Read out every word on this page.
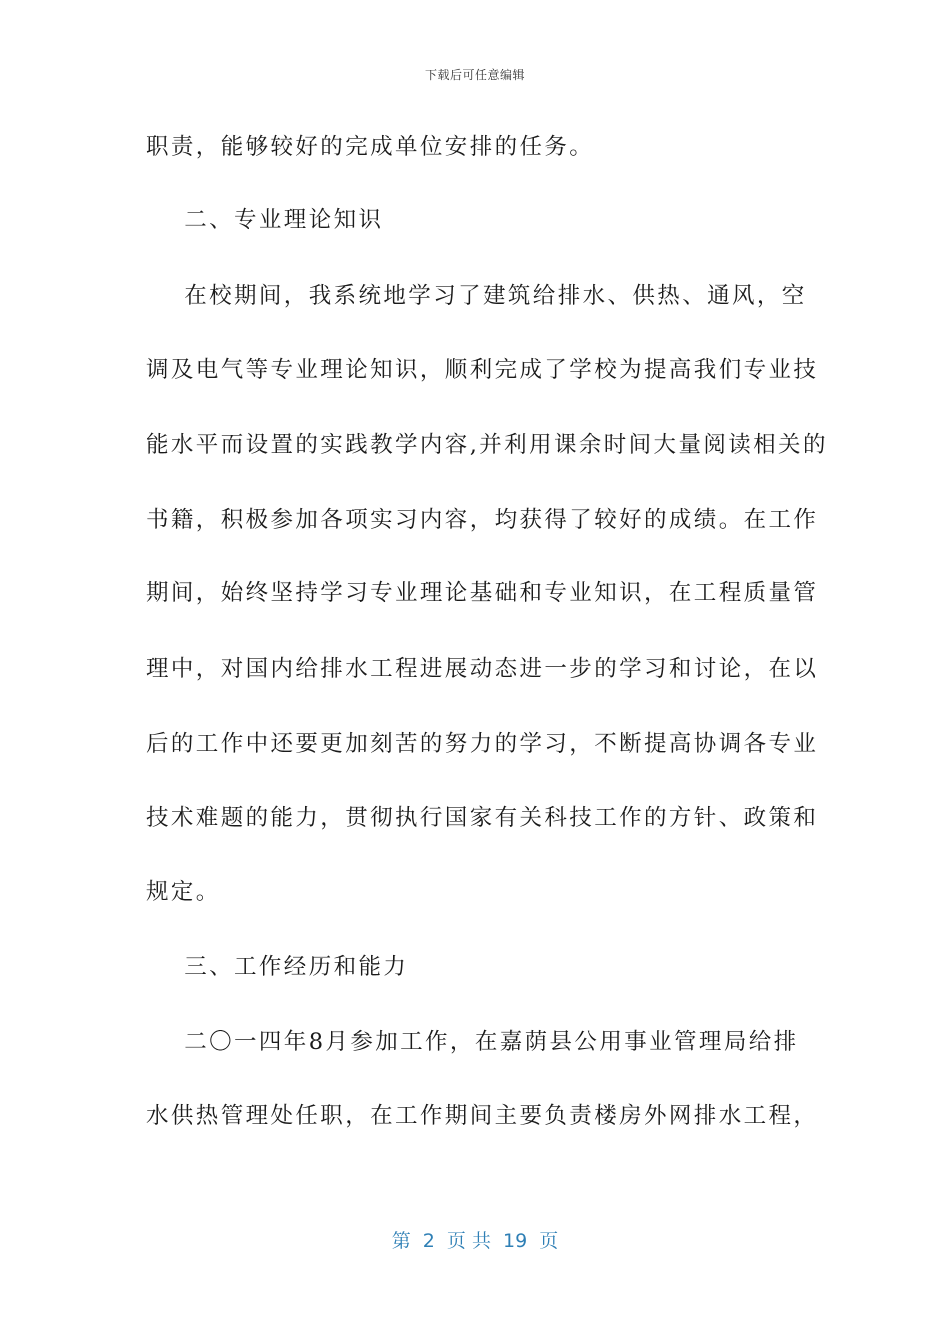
下载后可任意编辑
职责，能够较好的完成单位安排的任务。
二、专业理论知识
在校期间，我系统地学习了建筑给排水、供热、通风，空
调及电气等专业理论知识，顺利完成了学校为提高我们专业技
能水平而设置的实践教学内容,并利用课余时间大量阅读相关的
书籍，积极参加各项实习内容，均获得了较好的成绩。在工作
期间，始终坚持学习专业理论基础和专业知识，在工程质量管
理中，对国内给排水工程进展动态进一步的学习和讨论，在以
后的工作中还要更加刻苦的努力的学习，不断提高协调各专业
技术难题的能力，贯彻执行国家有关科技工作的方针、政策和
规定。
三、工作经历和能力
二〇一四年8月参加工作，在嘉荫县公用事业管理局给排
水供热管理处任职，在工作期间主要负责楼房外网排水工程，
第  2  页 共  19  页
